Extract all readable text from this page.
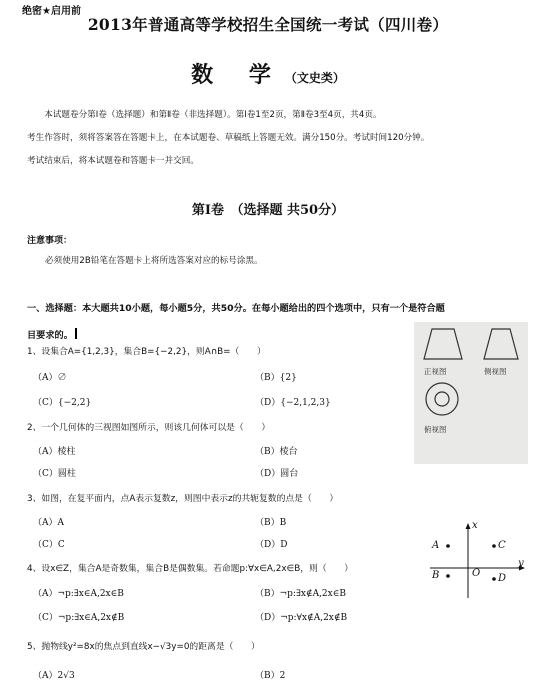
绝密★启用前
2013年普通高等学校招生全国统一考试（四川卷）
数 学（文史类）

本试题卷分第Ⅰ卷（选择题）和第Ⅱ卷（非选择题）。第Ⅰ卷1至2页，第Ⅱ卷3至4页，共4页。

考生作答时，须将答案答在答题卡上，在本试题卷、草稿纸上答题无效。满分150分。考试时间120分钟。

考试结束后，将本试题卷和答题卡一并交回。

第Ⅰ卷　（选择题 共50分）
注意事项：
必须使用2B铅笔在答题卡上将所选答案对应的标号涂黑。
一、选择题：本大题共10小题，每小题5分，共50分。在每小题给出的四个选项中，只有一个是符合题
目要求的。
1、设集合A={1,2,3}，集合B={−2,2}，则A∩B=（　　）
（A）∅	（B）{2}
（C）{−2,2}	（D）{−2,1,2,3}
2、一个几何体的三视图如图所示，则该几何体可以是（　　）
（A）棱柱	（B）棱台
（C）圆柱	（D）圆台
3、如图，在复平面内，点A表示复数z，则图中表示z的共轭复数的点是（　　）
（A）A	（B）B
（C）C	（D）D
4、设x∈Z，集合A是奇数集，集合B是偶数集。若命题p:∀x∈A,2x∈B，则（　　）
（A）¬p:∃x∈A,2x∈B	（B）¬p:∃x∉A,2x∈B
（C）¬p:∃x∈A,2x∉B	（D）¬p:∀x∉A,2x∉B
5、抛物线y²=8x的焦点到直线x−√3y=0的距离是（　　）
（A）2√3	（B）2
正视图	侧视图
俯视图
A
B
C
D
O
x
y
